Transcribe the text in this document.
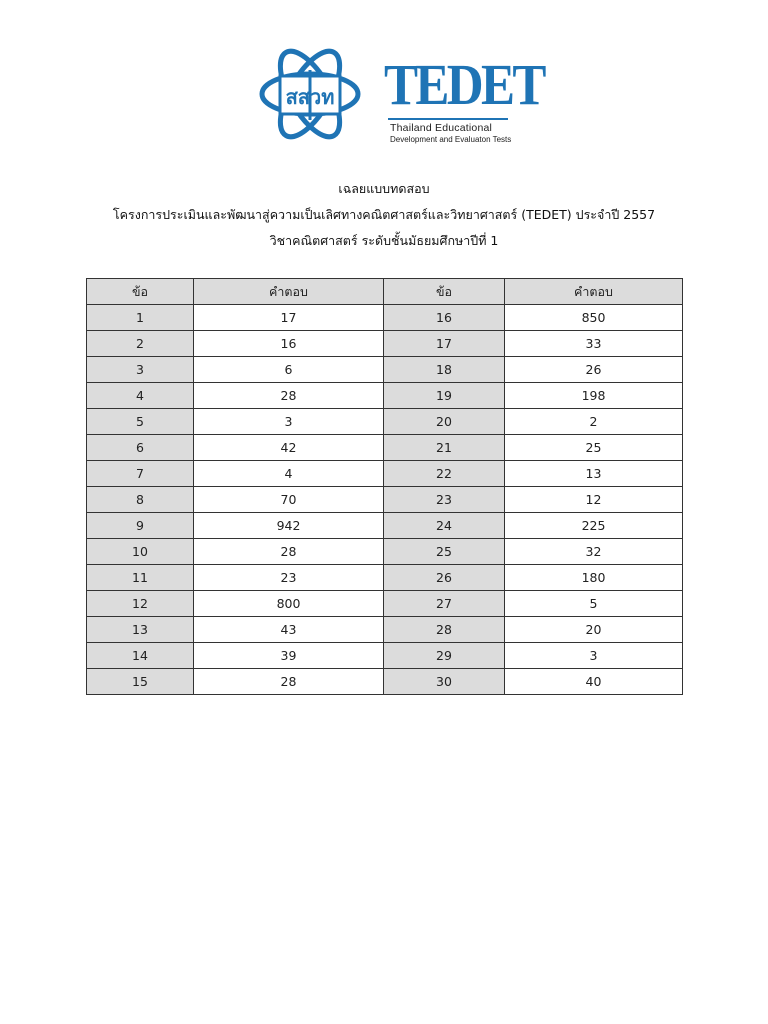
สสวท TEDET
Thailand Educational
Development and Evaluaton Tests
เฉลยแบบทดสอบ
โครงการประเมินและพัฒนาสู่ความเป็นเลิศทางคณิตศาสตร์และวิทยาศาสตร์ (TEDET) ประจำปี 2557
วิชาคณิตศาสตร์ ระดับชั้นมัธยมศึกษาปีที่ 1
ข้อ	คำตอบ	ข้อ	คำตอบ
1	17	16	850
2	16	17	33
3	6	18	26
4	28	19	198
5	3	20	2
6	42	21	25
7	4	22	13
8	70	23	12
9	942	24	225
10	28	25	32
11	23	26	180
12	800	27	5
13	43	28	20
14	39	29	3
15	28	30	40
